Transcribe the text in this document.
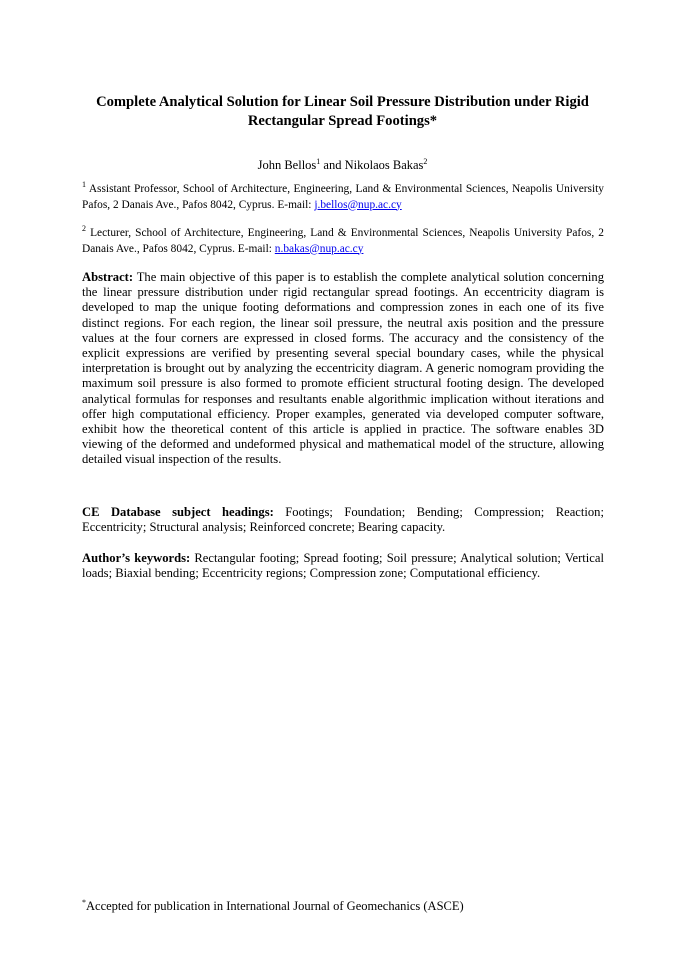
Complete Analytical Solution for Linear Soil Pressure Distribution under Rigid Rectangular Spread Footings*
John Bellos$^1$ and Nikolaos Bakas$^2$

$^1$ Assistant Professor, School of Architecture, Engineering, Land & Environmental Sciences, Neapolis University Pafos, 2 Danais Ave., Pafos 8042, Cyprus. E-mail: j.bellos@nup.ac.cy

$^2$ Lecturer, School of Architecture, Engineering, Land & Environmental Sciences, Neapolis University Pafos, 2 Danais Ave., Pafos 8042, Cyprus. E-mail: n.bakas@nup.ac.cy

Abstract: The main objective of this paper is to establish the complete analytical solution concerning the linear pressure distribution under rigid rectangular spread footings. An eccentricity diagram is developed to map the unique footing deformations and compression zones in each one of its five distinct regions. For each region, the linear soil pressure, the neutral axis position and the pressure values at the four corners are expressed in closed forms. The accuracy and the consistency of the explicit expressions are verified by presenting several special boundary cases, while the physical interpretation is brought out by analyzing the eccentricity diagram. A generic nomogram providing the maximum soil pressure is also formed to promote efficient structural footing design. The developed analytical formulas for responses and resultants enable algorithmic implication without iterations and offer high computational efficiency. Proper examples, generated via developed computer software, exhibit how the theoretical content of this article is applied in practice. The software enables 3D viewing of the deformed and undeformed physical and mathematical model of the structure, allowing detailed visual inspection of the results.

CE Database subject headings: Footings; Foundation; Bending; Compression; Reaction; Eccentricity; Structural analysis; Reinforced concrete; Bearing capacity.

Author’s keywords: Rectangular footing; Spread footing; Soil pressure; Analytical solution; Vertical loads; Biaxial bending; Eccentricity regions; Compression zone; Computational efficiency.

*Accepted for publication in International Journal of Geomechanics (ASCE)
